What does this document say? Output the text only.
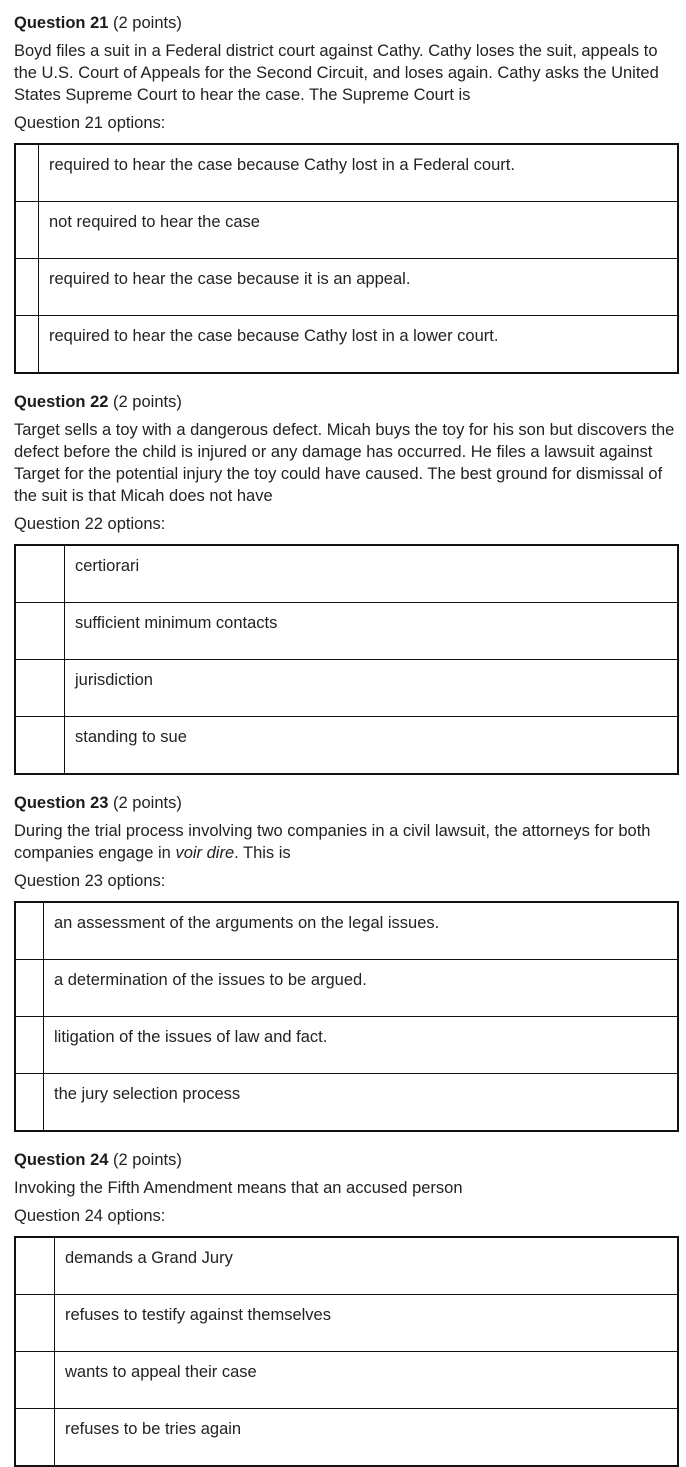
Question 21 (2 points)

Boyd files a suit in a Federal district court against Cathy. Cathy loses the suit, appeals to the U.S. Court of Appeals for the Second Circuit, and loses again. Cathy asks the United States Supreme Court to hear the case. The Supreme Court is

Question 21 options:

	required to hear the case because Cathy lost in a Federal court.
	not required to hear the case
	required to hear the case because it is an appeal.
	required to hear the case because Cathy lost in a lower court.

Question 22 (2 points)

Target sells a toy with a dangerous defect. Micah buys the toy for his son but discovers the defect before the child is injured or any damage has occurred. He files a lawsuit against Target for the potential injury the toy could have caused. The best ground for dismissal of the suit is that Micah does not have

Question 22 options:

	certiorari
	sufficient minimum contacts
	jurisdiction
	standing to sue

Question 23 (2 points)

During the trial process involving two companies in a civil lawsuit, the attorneys for both companies engage in voir dire. This is

Question 23 options:

	an assessment of the arguments on the legal issues.
	a determination of the issues to be argued.
	litigation of the issues of law and fact.
	the jury selection process

Question 24 (2 points)

Invoking the Fifth Amendment means that an accused person

Question 24 options:

	demands a Grand Jury
	refuses to testify against themselves
	wants to appeal their case
	refuses to be tries again
